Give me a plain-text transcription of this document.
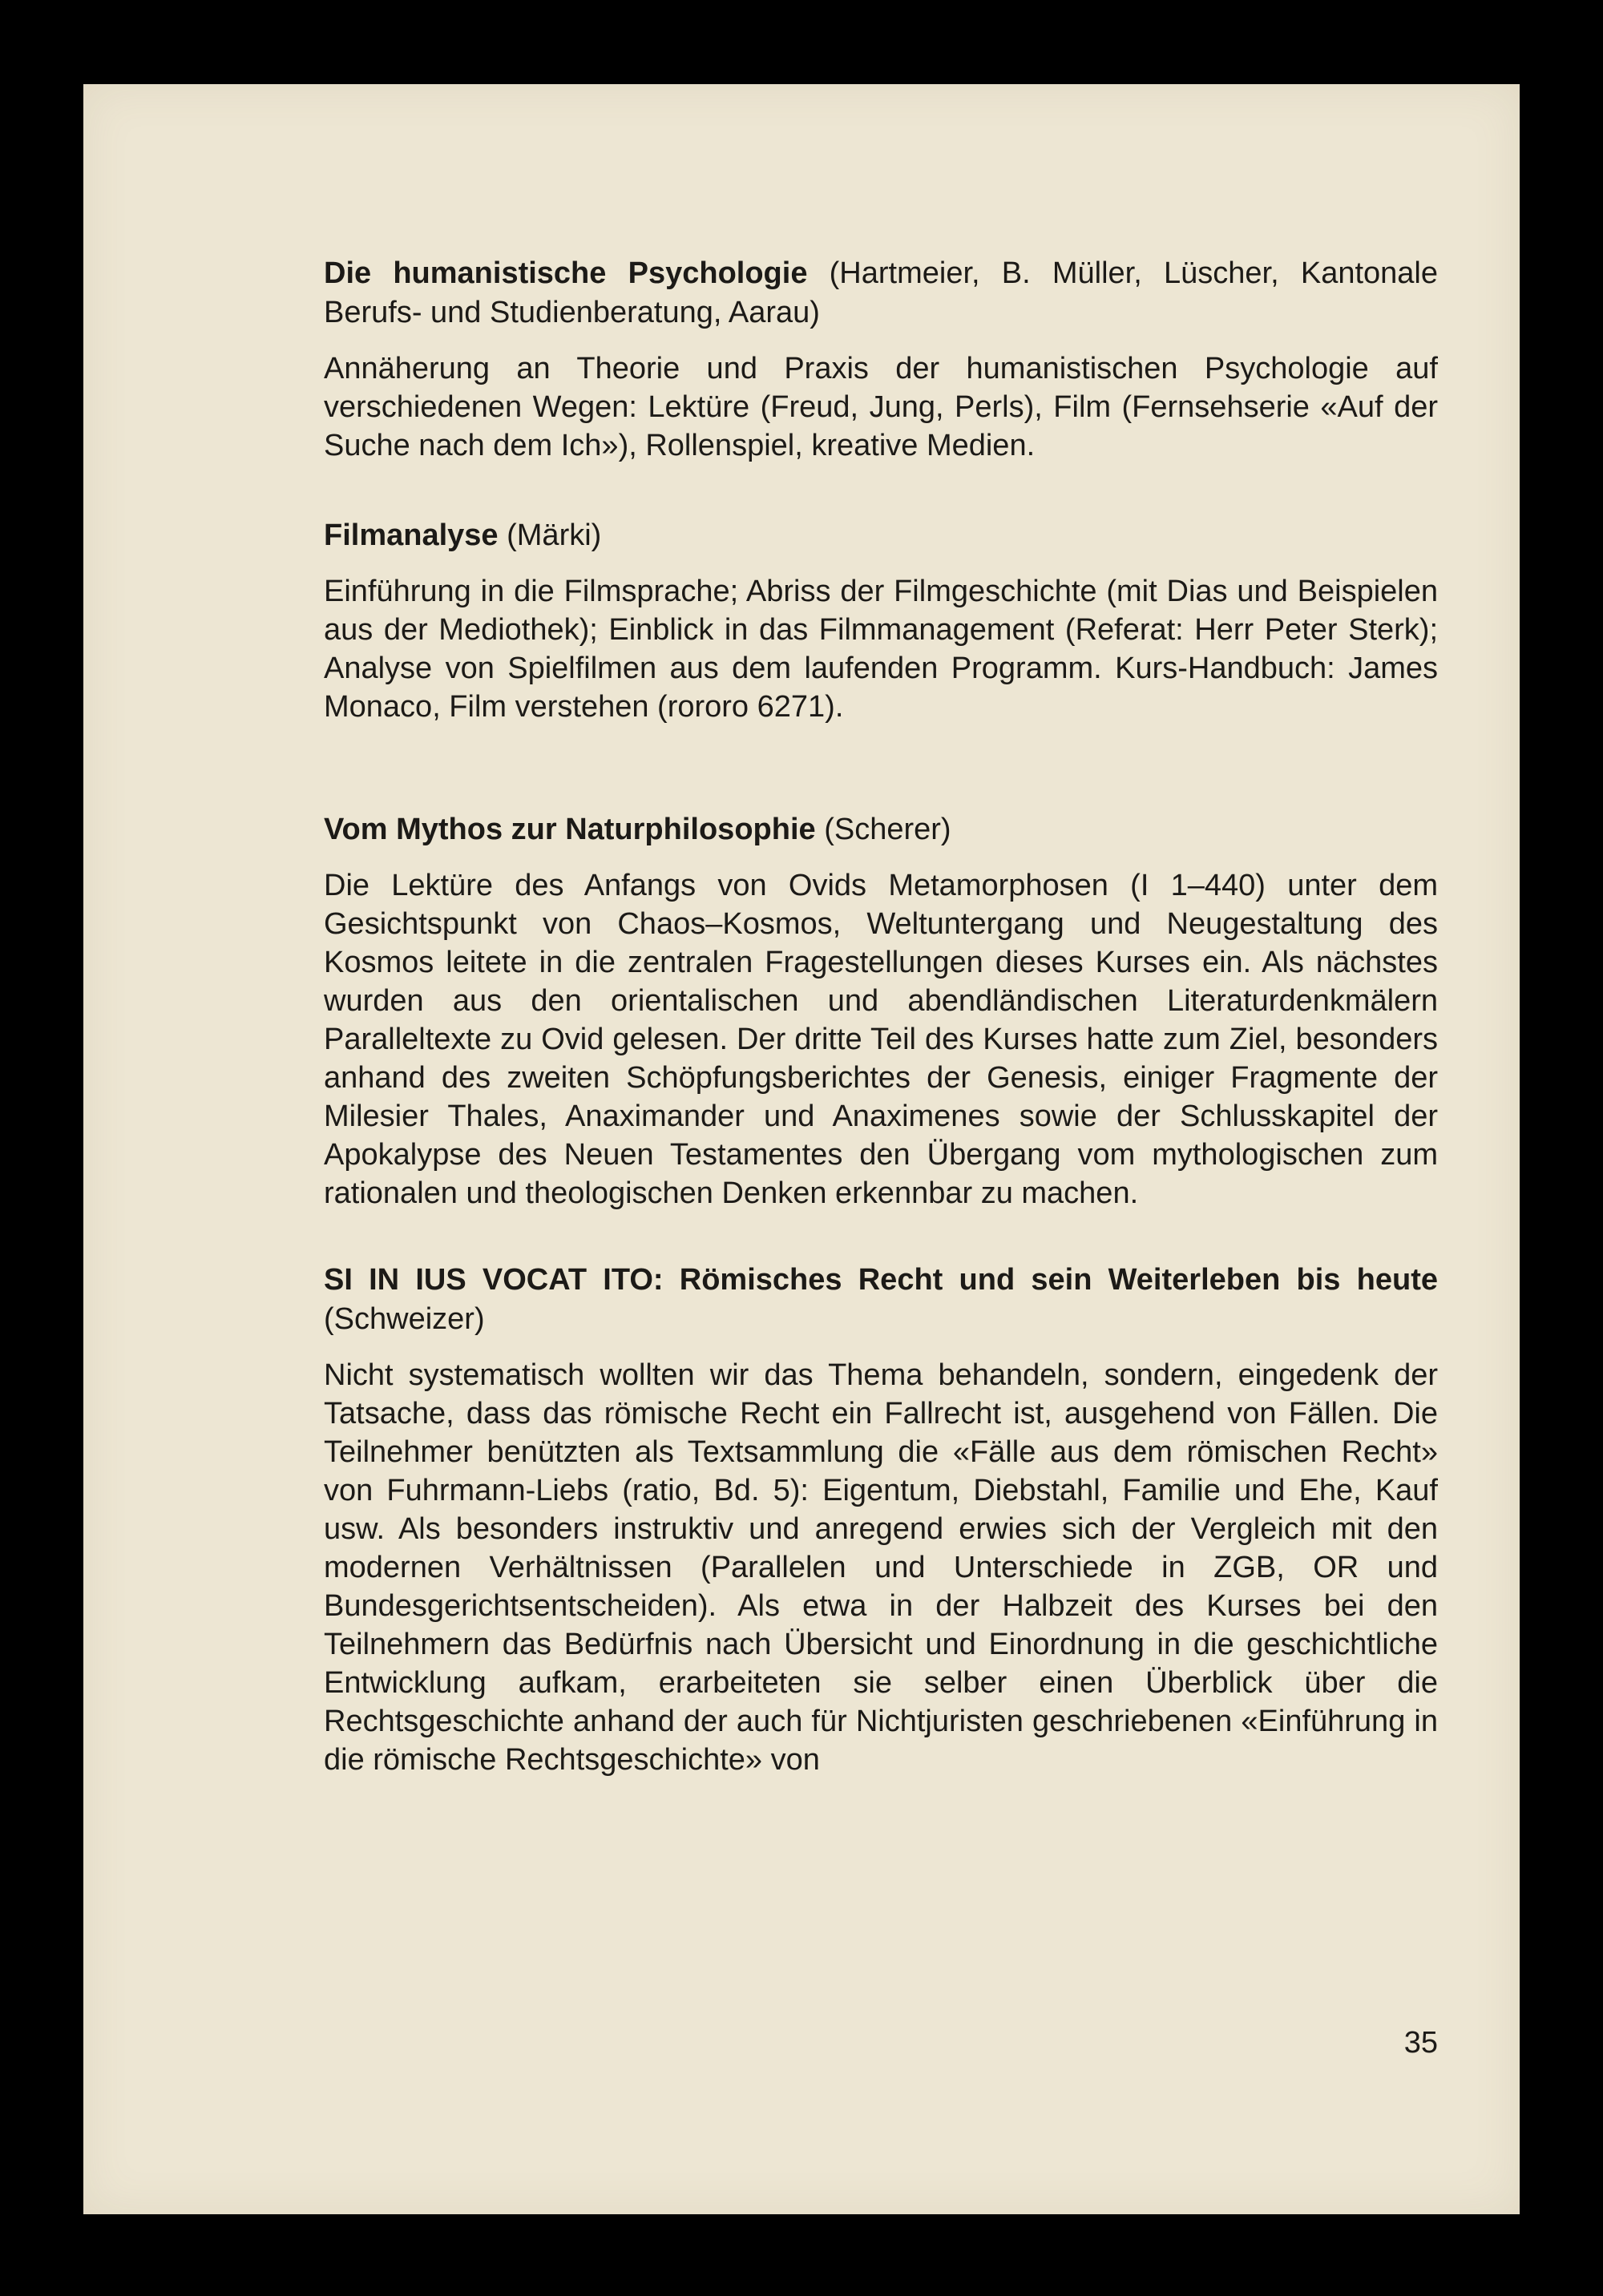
Die humanistische Psychologie (Hartmeier, B. Müller, Lüscher, Kantonale Berufs- und Studienberatung, Aarau)

Annäherung an Theorie und Praxis der humanistischen Psychologie auf verschiedenen Wegen: Lektüre (Freud, Jung, Perls), Film (Fernsehserie «Auf der Suche nach dem Ich»), Rollenspiel, kreative Medien.

Filmanalyse (Märki)

Einführung in die Filmsprache; Abriss der Filmgeschichte (mit Dias und Beispielen aus der Mediothek); Einblick in das Filmmanagement (Referat: Herr Peter Sterk); Analyse von Spielfilmen aus dem laufenden Programm. Kurs-Handbuch: James Monaco, Film verstehen (rororo 6271).

Vom Mythos zur Naturphilosophie (Scherer)

Die Lektüre des Anfangs von Ovids Metamorphosen (I 1–440) unter dem Gesichtspunkt von Chaos–Kosmos, Weltuntergang und Neugestaltung des Kosmos leitete in die zentralen Fragestellungen dieses Kurses ein. Als nächstes wurden aus den orientalischen und abendländischen Literaturdenkmälern Paralleltexte zu Ovid gelesen. Der dritte Teil des Kurses hatte zum Ziel, besonders anhand des zweiten Schöpfungsberichtes der Genesis, einiger Fragmente der Milesier Thales, Anaximander und Anaximenes sowie der Schlusskapitel der Apokalypse des Neuen Testamentes den Übergang vom mythologischen zum rationalen und theologischen Denken erkennbar zu machen.

SI IN IUS VOCAT ITO: Römisches Recht und sein Weiterleben bis heute (Schweizer)

Nicht systematisch wollten wir das Thema behandeln, sondern, eingedenk der Tatsache, dass das römische Recht ein Fallrecht ist, ausgehend von Fällen. Die Teilnehmer benützten als Textsammlung die «Fälle aus dem römischen Recht» von Fuhrmann-Liebs (ratio, Bd. 5): Eigentum, Diebstahl, Familie und Ehe, Kauf usw. Als besonders instruktiv und anregend erwies sich der Vergleich mit den modernen Verhältnissen (Parallelen und Unterschiede in ZGB, OR und Bundesgerichtsentscheiden). Als etwa in der Halbzeit des Kurses bei den Teilnehmern das Bedürfnis nach Übersicht und Einordnung in die geschichtliche Entwicklung aufkam, erarbeiteten sie selber einen Überblick über die Rechtsgeschichte anhand der auch für Nichtjuristen geschriebenen «Einführung in die römische Rechtsgeschichte» von

35
